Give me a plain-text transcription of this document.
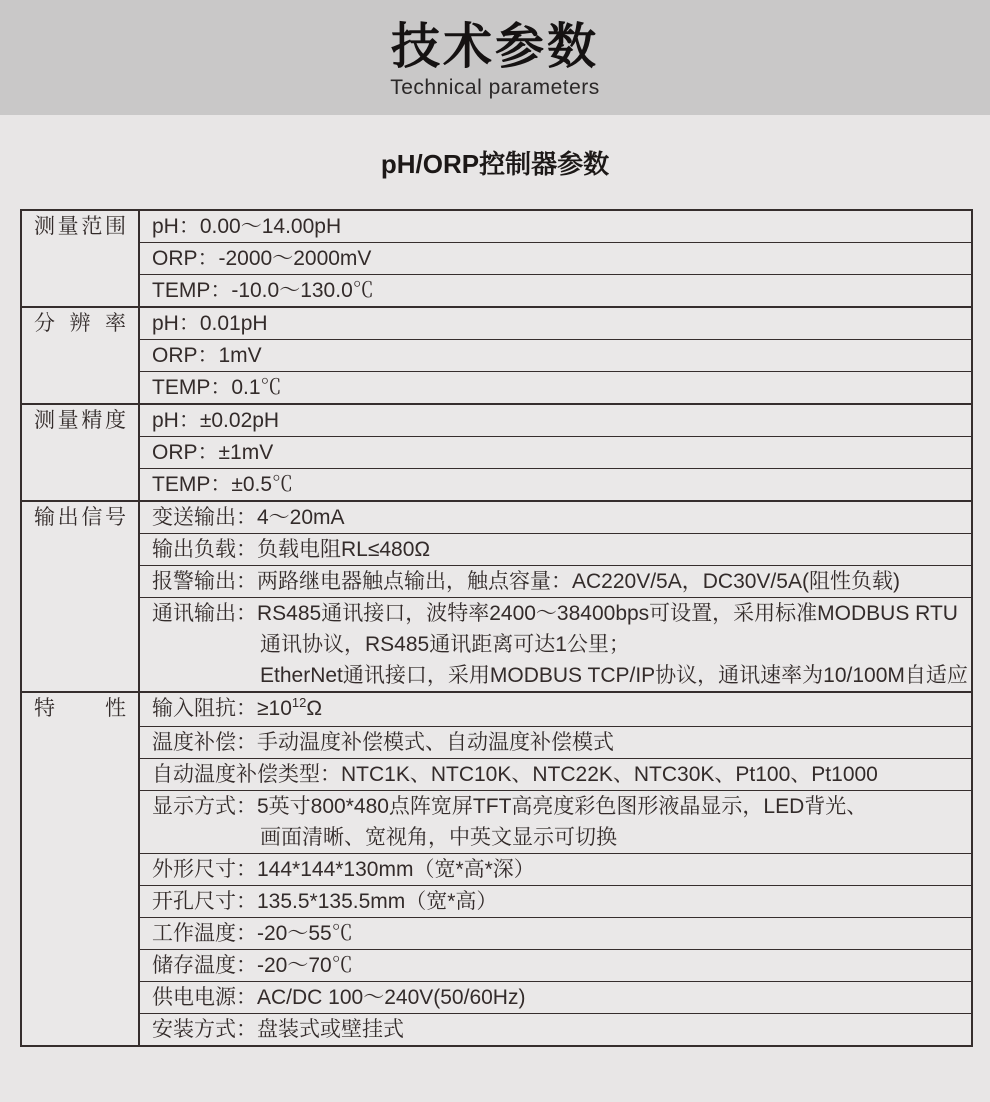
技术参数
Technical parameters
pH/ORP控制器参数
测量范围 pH：0.00～14.00pH
ORP：-2000～2000mV
TEMP：-10.0～130.0℃
分 辨 率 pH：0.01pH
ORP：1mV
TEMP：0.1℃
测量精度 pH：±0.02pH
ORP：±1mV
TEMP：±0.5℃
输出信号 变送输出：4～20mA
输出负载：负载电阻RL≤480Ω
报警输出：两路继电器触点输出，触点容量：AC220V/5A，DC30V/5A(阻性负载)
通讯输出：RS485通讯接口，波特率2400～38400bps可设置，采用标准MODBUS RTU
通讯协议，RS485通讯距离可达1公里；
EtherNet通讯接口，采用MODBUS TCP/IP协议，通讯速率为10/100M自适应
特　性 输入阻抗：$\ge 10^{12}\Omega$
温度补偿：手动温度补偿模式、自动温度补偿模式
自动温度补偿类型：NTC1K、NTC10K、NTC22K、NTC30K、Pt100、Pt1000
显示方式：5英寸800*480点阵宽屏TFT高亮度彩色图形液晶显示，LED背光、
画面清晰、宽视角，中英文显示可切换
外形尺寸：144*144*130mm（宽*高*深）
开孔尺寸：135.5*135.5mm（宽*高）
工作温度：-20～55℃
储存温度：-20～70℃
供电电源：AC/DC 100～240V(50/60Hz)
安装方式：盘装式或壁挂式
